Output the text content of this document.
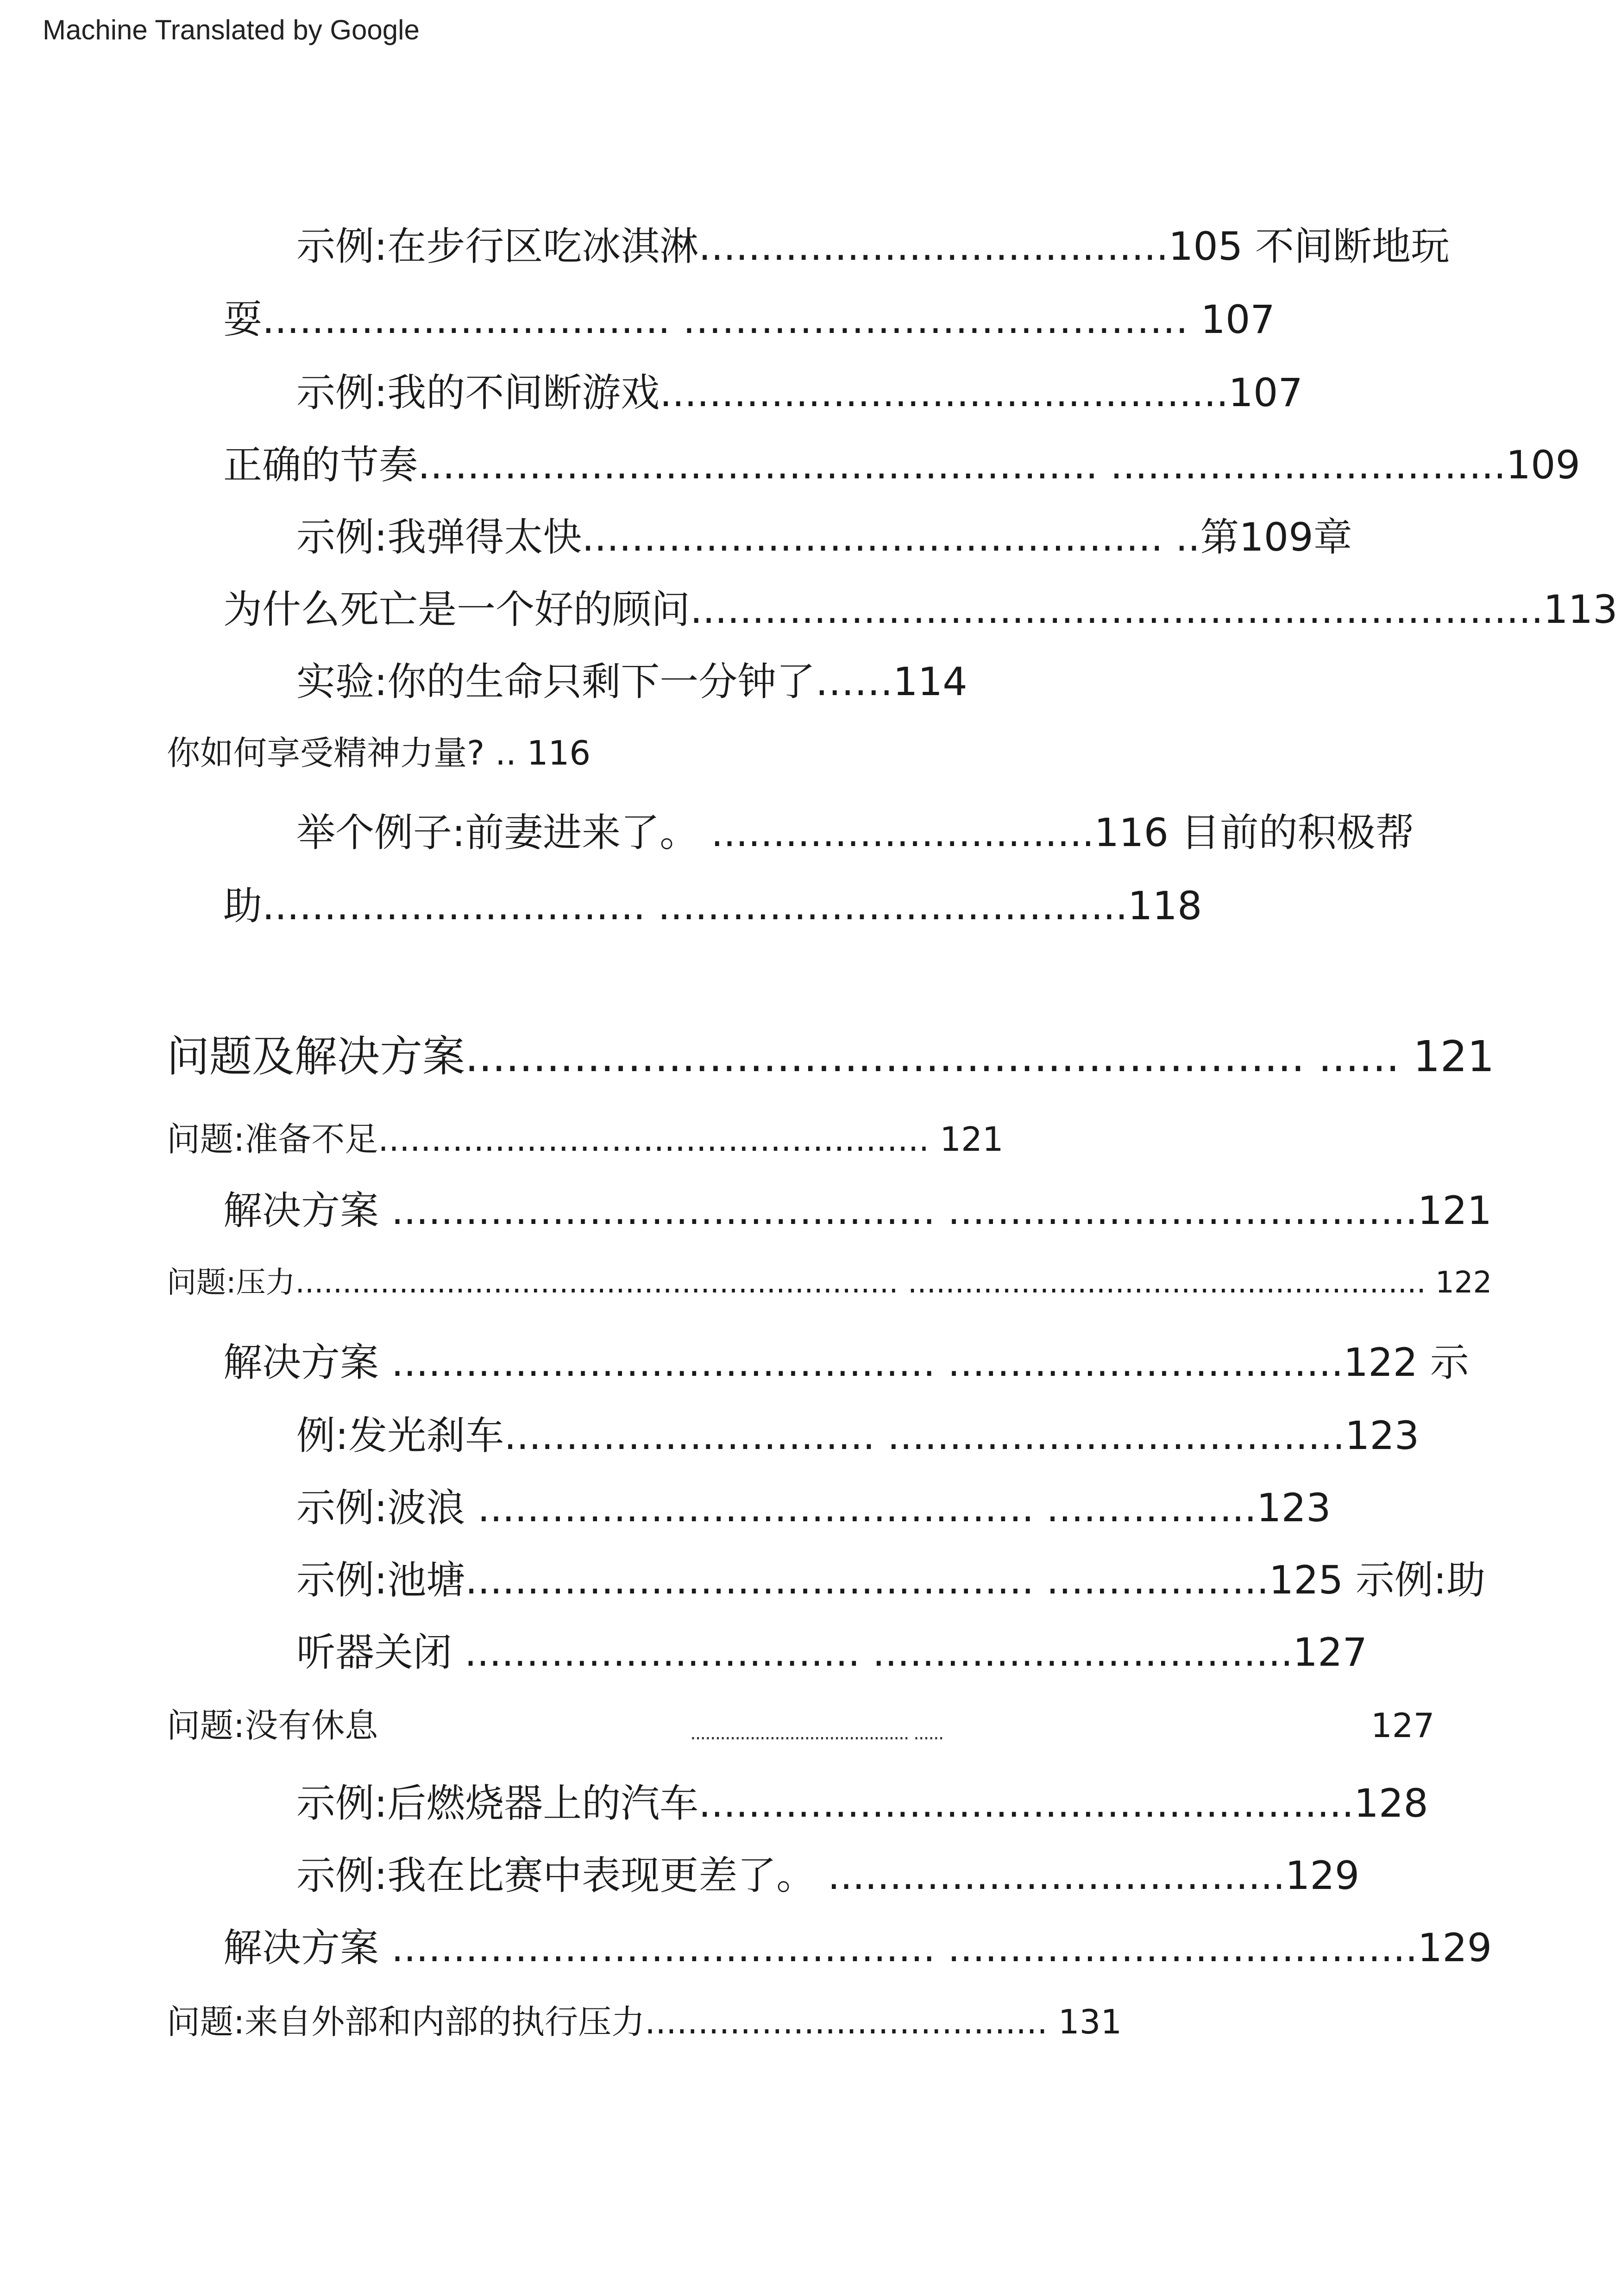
Machine Translated by Google
示例:在步行区吃冰淇淋......................................105 不间断地玩
耍................................. ………………………………… 107
示例:我的不间断游戏..............................................107
正确的节奏....................................................... ................................109
示例:我弹得太快............................................... ..第109章
为什么死亡是一个好的顾问.....................................................................113
实验:你的生命只剩下一分钟了……114
你如何享受精神力量? .. 116
举个例子:前妻进来了。 ...............................116 目前的积极帮
助............................... ......................................118
问题及解决方案.............................................................. ...... 121
问题:准备不足.................................................... 121
解决方案 ............................................ ......................................121
问题:压力................................................................ ....................................................... 122
解决方案 ............................................ ................................122 示
例:发光刹车.............................. .....................................123
示例:波浪 ............................................. .................123
示例:池塘.............................................. ..................125 示例:助
听器关闭 ................................ ..................................127
问题:没有休息	............................................ ......	127
示例:后燃烧器上的汽车.....................................................128
示例:我在比赛中表现更差了。 .....................................129
解决方案 ............................................ ......................................129
问题:来自外部和内部的执行压力...................................... 131
